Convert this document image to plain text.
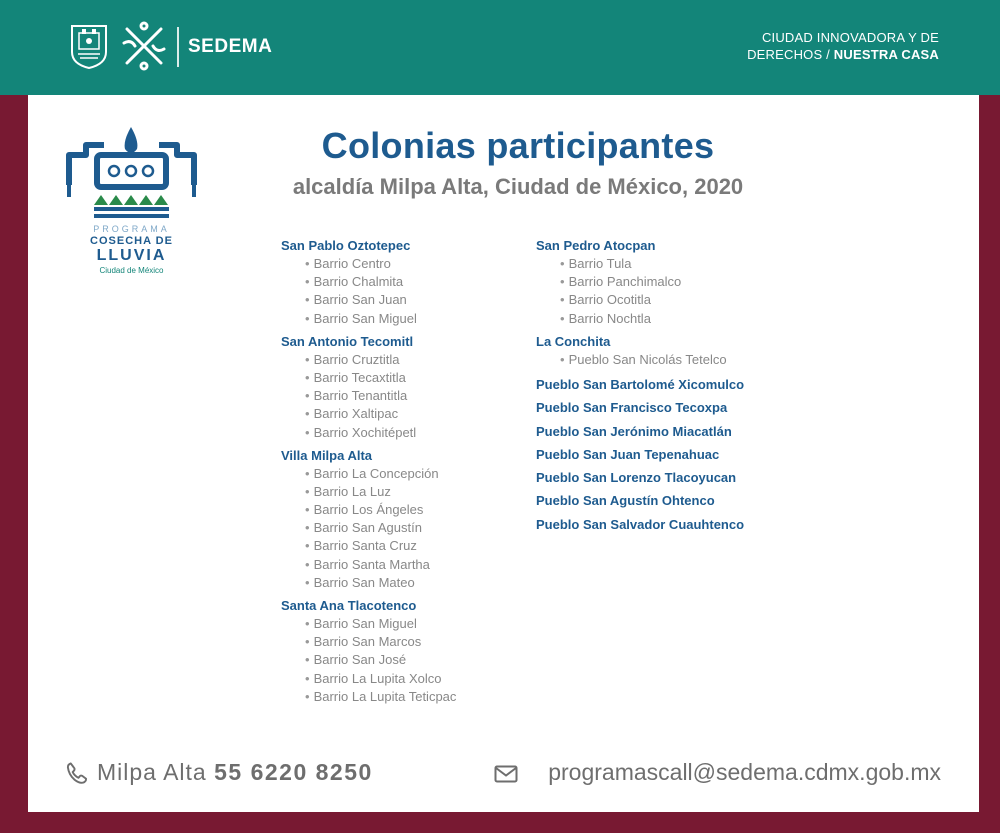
SEDEMA	CIUDAD INNOVADORA Y DE
DERECHOS / NUESTRA CASA
PROGRAMA
COSECHA DE
LLUVIA
Ciudad de México
Colonias participantes
alcaldía Milpa Alta, Ciudad de México, 2020
San Pablo Oztotepec
• Barrio Centro
• Barrio Chalmita
• Barrio San Juan
• Barrio San Miguel
San Antonio Tecomitl
• Barrio Cruztitla
• Barrio Tecaxtitla
• Barrio Tenantitla
• Barrio Xaltipac
• Barrio Xochitépetl
Villa Milpa Alta
• Barrio La Concepción
• Barrio La Luz
• Barrio Los Ángeles
• Barrio San Agustín
• Barrio Santa Cruz
• Barrio Santa Martha
• Barrio San Mateo
Santa Ana Tlacotenco
• Barrio San Miguel
• Barrio San Marcos
• Barrio San José
• Barrio La Lupita Xolco
• Barrio La Lupita Teticpac
San Pedro Atocpan
• Barrio Tula
• Barrio Panchimalco
• Barrio Ocotitla
• Barrio Nochtla
La Conchita
• Pueblo San Nicolás Tetelco
Pueblo San Bartolomé Xicomulco
Pueblo San Francisco Tecoxpa
Pueblo San Jerónimo Miacatlán
Pueblo San Juan Tepenahuac
Pueblo San Lorenzo Tlacoyucan
Pueblo San Agustín Ohtenco
Pueblo San Salvador Cuauhtenco
Milpa Alta 55 6220 8250	programascall@sedema.cdmx.gob.mx
